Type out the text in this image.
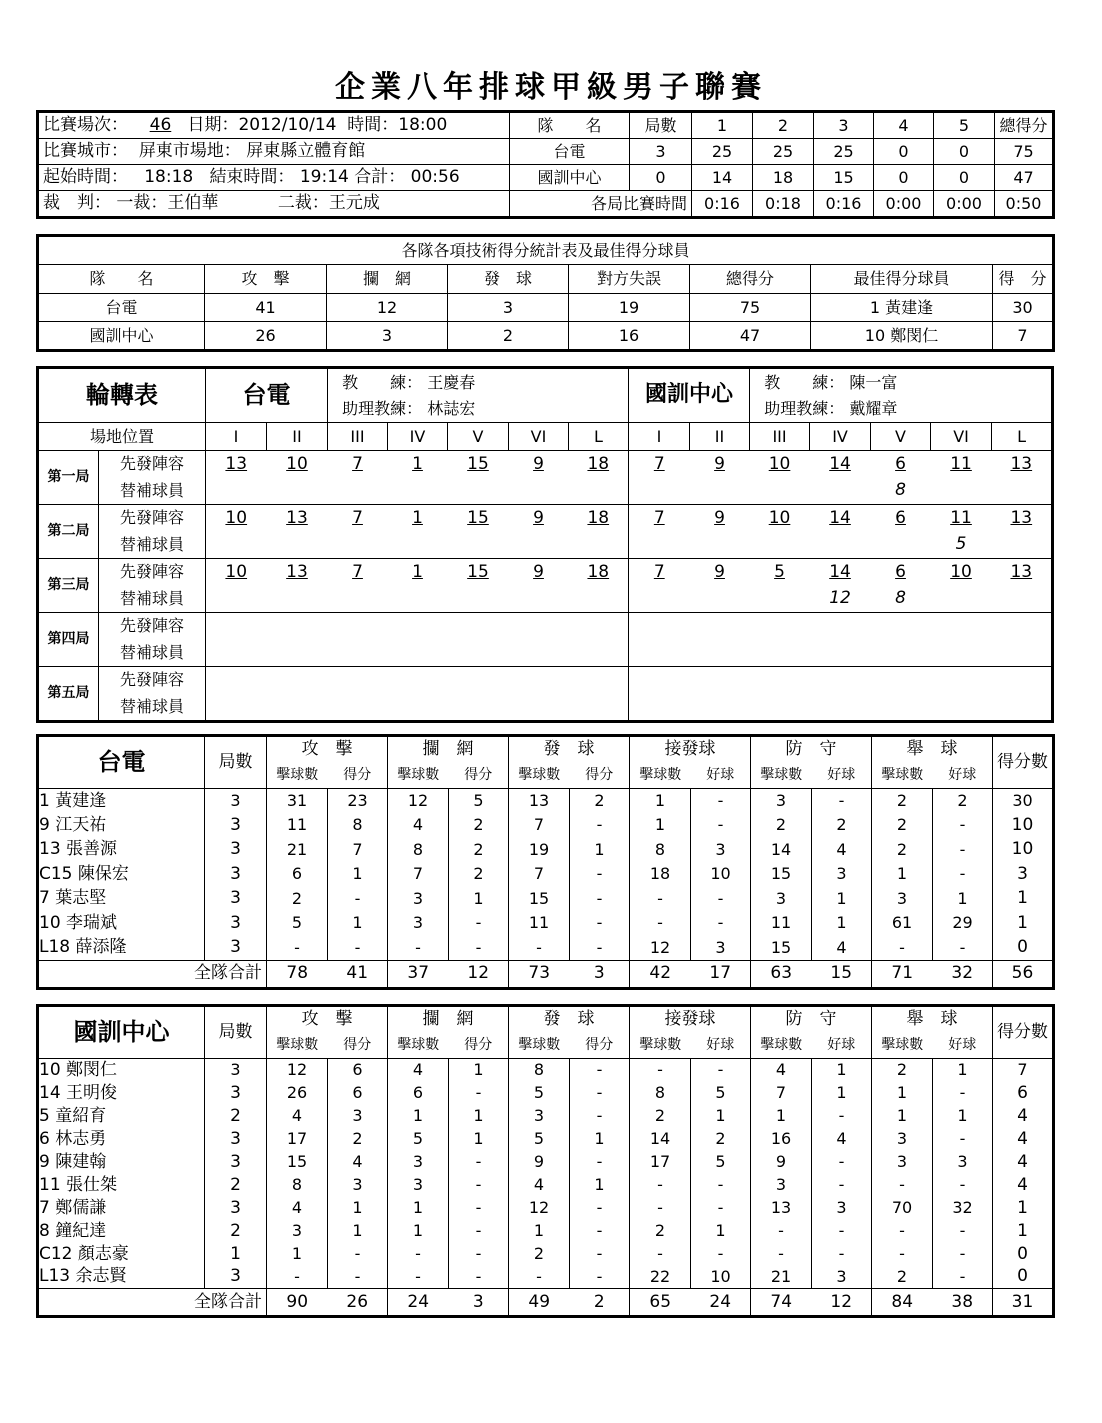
企業八年排球甲級男子聯賽
比賽場次： 46 日期：2012/10/14 時間：18:00	隊　　名	局數	1	2	3	4	5	總得分
比賽城市： 屏東市場地： 屏東縣立體育館	台電	3	25	25	25	0	0	75
起始時間： 18:18 結束時間： 19:14 合計： 00:56	國訓中心	0	14	18	15	0	0	47
裁　判： 一裁：王伯華 二裁：王元成	各局比賽時間		0:16	0:18	0:16	0:00	0:00	0:50
各隊各項技術得分統計表及最佳得分球員							
隊　　名	攻　擊	攔　網	發　球	對方失誤	總得分	最佳得分球員	得　分
台電	41	12	3	19	75	1 黃建逢	30
國訓中心	26	3	2	16	47	10 鄭閔仁	7
輪轉表		台電		教　　練： 王慶春
助理教練： 林誌宏					國訓中心		教　　練： 陳一富
助理教練： 戴耀章				
場地位置		I	II	III	IV	V	VI	L	I	II	III	IV	V	VI	L
第一局	先發陣容	13	10	7	1	15	9	18	7	9	10	14	6	11	13
	替補球員												8		
第二局	先發陣容	10	13	7	1	15	9	18	7	9	10	14	6	11	13
	替補球員													5	
第三局	先發陣容	10	13	7	1	15	9	18	7	9	5	14	6	10	13
	替補球員											12	8		
第四局	先發陣容														
	替補球員														
第五局	先發陣容														
	替補球員														
台電	局數	攻　擊		攔　網		發　球		接發球		防　守		舉　球		得分數
		擊球數	得分	擊球數	得分	擊球數	得分	擊球數	好球	擊球數	好球	擊球數	好球	
1 黃建逢	3	31	23	12	5	13	2	1	-	3	-	2	2	30
9 江天祐	3	11	8	4	2	7	-	1	-	2	2	2	-	10
13 張善源	3	21	7	8	2	19	1	8	3	14	4	2	-	10
C15 陳保宏	3	6	1	7	2	7	-	18	10	15	3	1	-	3
7 葉志堅	3	2	-	3	1	15	-	-	-	3	1	3	1	1
10 李瑞斌	3	5	1	3	-	11	-	-	-	11	1	61	29	1
L18 薛添隆	3	-	-	-	-	-	-	12	3	15	4	-	-	0
全隊合計		78	41	37	12	73	3	42	17	63	15	71	32	56
國訓中心	局數	攻　擊		攔　網		發　球		接發球		防　守		舉　球		得分數
		擊球數	得分	擊球數	得分	擊球數	得分	擊球數	好球	擊球數	好球	擊球數	好球	
10 鄭閔仁	3	12	6	4	1	8	-	-	-	4	1	2	1	7
14 王明俊	3	26	6	6	-	5	-	8	5	7	1	1	-	6
5 童紹育	2	4	3	1	1	3	-	2	1	1	-	1	1	4
6 林志勇	3	17	2	5	1	5	1	14	2	16	4	3	-	4
9 陳建翰	3	15	4	3	-	9	-	17	5	9	-	3	3	4
11 張仕桀	2	8	3	3	-	4	1	-	-	3	-	-	-	4
7 鄭儒謙	3	4	1	1	-	12	-	-	-	13	3	70	32	1
8 鐘紀達	2	3	1	1	-	1	-	2	1	-	-	-	-	1
C12 顏志豪	1	1	-	-	-	2	-	-	-	-	-	-	-	0
L13 余志賢	3	-	-	-	-	-	-	22	10	21	3	2	-	0
全隊合計		90	26	24	3	49	2	65	24	74	12	84	38	31
